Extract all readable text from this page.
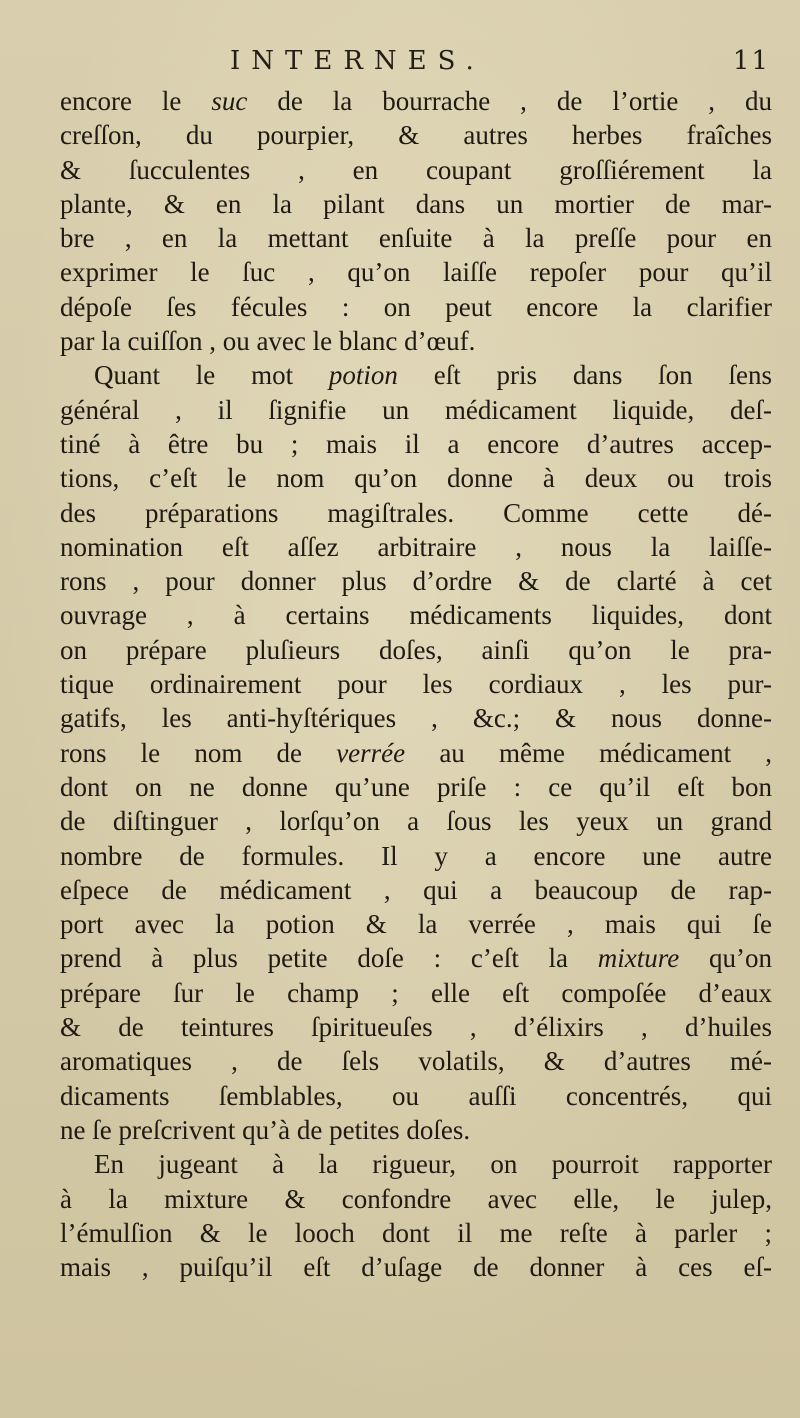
INTERNES.	11
encore le suc de la bourrache , de l’ortie , du
creſſon, du pourpier, & autres herbes fraîches
& ſucculentes , en coupant groſſiérement la
plante, & en la pilant dans un mortier de mar-
bre , en la mettant enſuite à la preſſe pour en
exprimer le ſuc , qu’on laiſſe repoſer pour qu’il
dépoſe ſes fécules : on peut encore la clarifier
par la cuiſſon , ou avec le blanc d’œuf.
Quant le mot potion eſt pris dans ſon ſens
général , il ſignifie un médicament liquide, deſ-
tiné à être bu ; mais il a encore d’autres accep-
tions, c’eſt le nom qu’on donne à deux ou trois
des préparations magiſtrales. Comme cette dé-
nomination eſt aſſez arbitraire , nous la laiſſe-
rons , pour donner plus d’ordre & de clarté à cet
ouvrage , à certains médicaments liquides, dont
on prépare pluſieurs doſes, ainſi qu’on le pra-
tique ordinairement pour les cordiaux , les pur-
gatifs, les anti-hyſtériques , &c.; & nous donne-
rons le nom de verrée au même médicament ,
dont on ne donne qu’une priſe : ce qu’il eſt bon
de diſtinguer , lorſqu’on a ſous les yeux un grand
nombre de formules. Il y a encore une autre
eſpece de médicament , qui a beaucoup de rap-
port avec la potion & la verrée , mais qui ſe
prend à plus petite doſe : c’eſt la mixture qu’on
prépare ſur le champ ; elle eſt compoſée d’eaux
& de teintures ſpiritueuſes , d’élixirs , d’huiles
aromatiques , de ſels volatils, & d’autres mé-
dicaments ſemblables, ou auſſi concentrés, qui
ne ſe preſcrivent qu’à de petites doſes.
En jugeant à la rigueur, on pourroit rapporter
à la mixture & confondre avec elle, le julep,
l’émulſion & le looch dont il me reſte à parler ;
mais , puiſqu’il eſt d’uſage de donner à ces eſ-
